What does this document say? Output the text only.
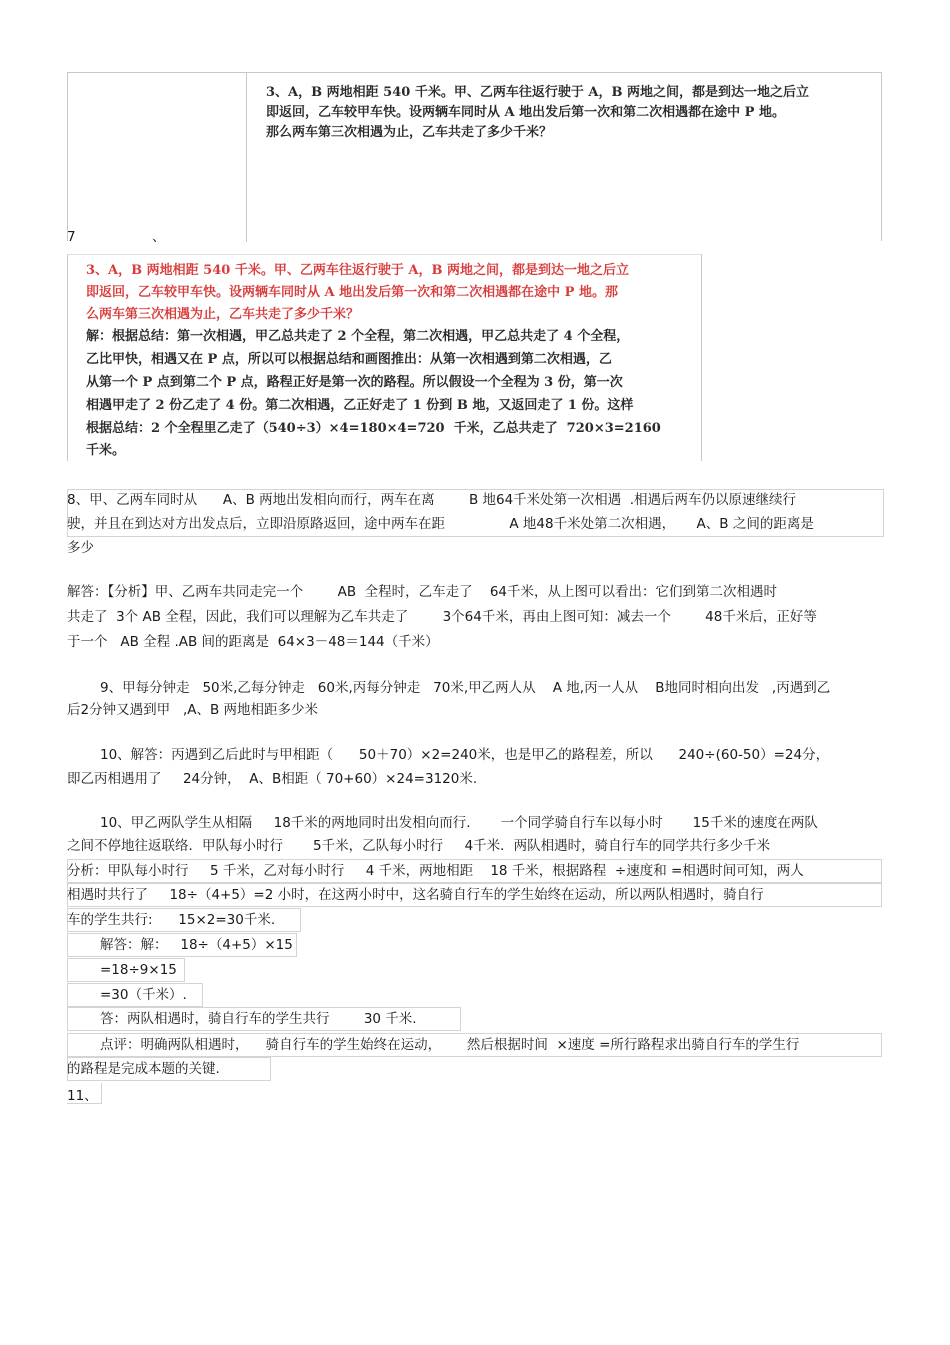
3、A，B 两地相距 540 千米。甲、乙两车往返行驶于 A，B 两地之间，都是到达一地之后立
即返回，乙车较甲车快。设两辆车同时从 A 地出发后第一次和第二次相遇都在途中 P 地。
那么两车第三次相遇为止，乙车共走了多少千米？
7	、
3、A，B 两地相距 540 千米。甲、乙两车往返行驶于 A，B 两地之间，都是到达一地之后立
即返回，乙车较甲车快。设两辆车同时从 A 地出发后第一次和第二次相遇都在途中 P 地。那
么两车第三次相遇为止，乙车共走了多少千米？
解：根据总结：第一次相遇，甲乙总共走了 2 个全程，第二次相遇，甲乙总共走了 4 个全程，
乙比甲快，相遇又在 P 点，所以可以根据总结和画图推出：从第一次相遇到第二次相遇，乙
从第一个 P 点到第二个 P 点，路程正好是第一次的路程。所以假设一个全程为 3 份，第一次
相遇甲走了 2 份乙走了 4 份。第二次相遇，乙正好走了 1 份到 B 地，又返回走了 1 份。这样
根据总结：2 个全程里乙走了（540÷3）×4=180×4=720  千米，乙总共走了  720×3=2160
千米。
8、甲、乙两车同时从      A、B 两地出发相向而行，两车在离        B 地64千米处第一次相遇  .相遇后两车仍以原速继续行
驶，并且在到达对方出发点后，立即沿原路返回，途中两车在距               A 地48千米处第二次相遇，     A、B 之间的距离是
多少
解答：【分析】甲、乙两车共同走完一个        AB  全程时，乙车走了    64千米，从上图可以看出：它们到第二次相遇时
共走了  3个 AB 全程，因此，我们可以理解为乙车共走了        3个64千米，再由上图可知：减去一个        48千米后，正好等
于一个   AB 全程 .AB 间的距离是  64×3－48＝144（千米）
9、甲每分钟走   50米,乙每分钟走   60米,丙每分钟走   70米,甲乙两人从    A 地,丙一人从    B地同时相向出发   ,丙遇到乙
后2分钟又遇到甲   ,A、B 两地相距多少米
10、解答：丙遇到乙后此时与甲相距（      50＋70）×2=240米，也是甲乙的路程差，所以      240÷(60-50）=24分，
即乙丙相遇用了     24分钟，  A、B相距（ 70+60）×24=3120米.
10、甲乙两队学生从相隔     18千米的两地同时出发相向而行.       一个同学骑自行车以每小时       15千米的速度在两队
之间不停地往返联络．甲队每小时行       5千米，乙队每小时行     4千米．两队相遇时，骑自行车的同学共行多少千米
分析：甲队每小时行     5 千米，乙对每小时行     4 千米，两地相距    18 千米，根据路程  ÷速度和 =相遇时间可知，两人
相遇时共行了     18÷（4+5）=2 小时，在这两小时中，这名骑自行车的学生始终在运动，所以两队相遇时，骑自行
车的学生共行:      15×2=30千米.
解答：解：   18÷（4+5）×15
=18÷9×15
=30（千米）.
答：两队相遇时，骑自行车的学生共行        30 千米.
点评：明确两队相遇时，    骑自行车的学生始终在运动，      然后根据时间  ×速度 =所行路程求出骑自行车的学生行
的路程是完成本题的关键.
11、
